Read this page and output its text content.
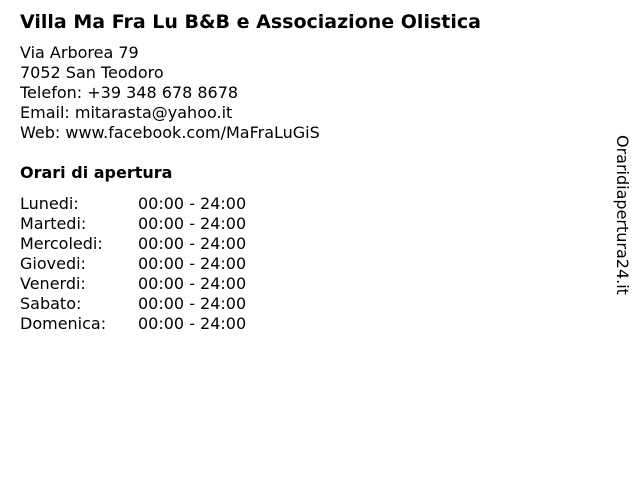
Villa Ma Fra Lu B&B e Associazione Olistica
Via Arborea 79
7052 San Teodoro
Telefon: +39 348 678 8678
Email: mitarasta@yahoo.it
Web: www.facebook.com/MaFraLuGiS
Orari di apertura
Lunedi:	00:00 - 24:00
Martedi:	00:00 - 24:00
Mercoledi: 00:00 - 24:00
Giovedi:	00:00 - 24:00
Venerdi:	00:00 - 24:00
Sabato:	00:00 - 24:00
Domenica: 00:00 - 24:00
Oraridiapertura24.it
